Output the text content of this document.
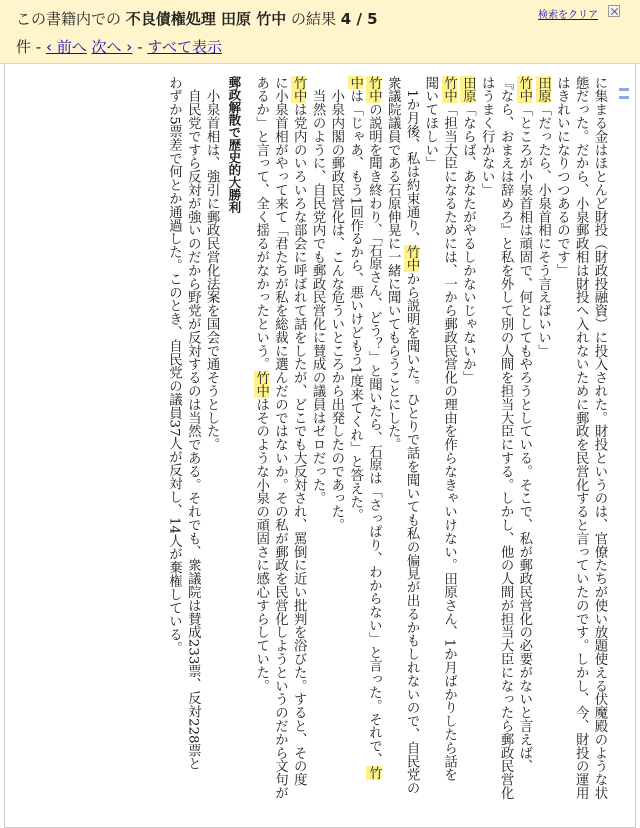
この書籍内での 不良債権処理 田原 竹中 の結果 4 / 5
件 - ‹ 前へ 次へ › - すべて表示
検索をクリア
に集まる金はほとんど財投（財政投融資）に投入された。財投というのは、官僚たちが使い放題使える伏魔殿のような状
態だった。だから、小泉郵政相は財投へ入れないために郵政を民営化すると言っていたのです。しかし、今、財投の運用
はきれいになりつつあるのです」
田原「だったら、小泉首相にそう言えばいい」
竹中「ところが小泉首相は頑固で、何としてもやろうとしている。そこで、私が郵政民営化の必要がないと言えば、
『なら、おまえは辞めろ』と私を外して別の人間を担当大臣にする。しかし、他の人間が担当大臣になったら郵政民営化
はうまく行かない」
田原「ならば、あなたがやるしかないじゃないか」
竹中「担当大臣になるためには、一から郵政民営化の理由を作らなきゃいけない。田原さん、1か月ばかりしたら話を
聞いてほしい」
　1か月後、私は約束通り、竹中から説明を聞いた。ひとりで話を聞いても私の偏見が出るかもしれないので、自民党の
衆議院議員である石原伸晃に一緒に聞いてもらうことにした。
竹中の説明を聞き終わり、「石原さん、どう？」と聞いたら、石原は「さっぱり、わからない」と言った。それで、竹
中は「じゃあ、もう1回作るから、悪いけどもう1度来てくれ」と答えた。
　小泉内閣の郵政民営化は、こんな危ういところから出発したのであった。
　当然のように、自民党内でも郵政民営化に賛成の議員はゼロだった。
竹中は党内のいろいろな部会に呼ばれて話をしたが、どこでも大反対され、罵倒に近い批判を浴びた。すると、その度
に小泉首相がやって来て「君たちが私を総裁に選んだのではないか。その私が郵政を民営化しようというのだから文句が
あるか」と言って、全く揺るがなかったという。竹中はそのような小泉の頑固さに感心すらしていた。
郵政解散で歴史的大勝利
　小泉首相は、強引に郵政民営化法案を国会で通そうとした。
　自民党ですら反対が強いのだから野党が反対するのは当然である。それでも、衆議院は賛成233票、反対228票と
わずか5票差で何とか通過した。このとき、自民党の議員37人が反対し、14人が棄権している。
